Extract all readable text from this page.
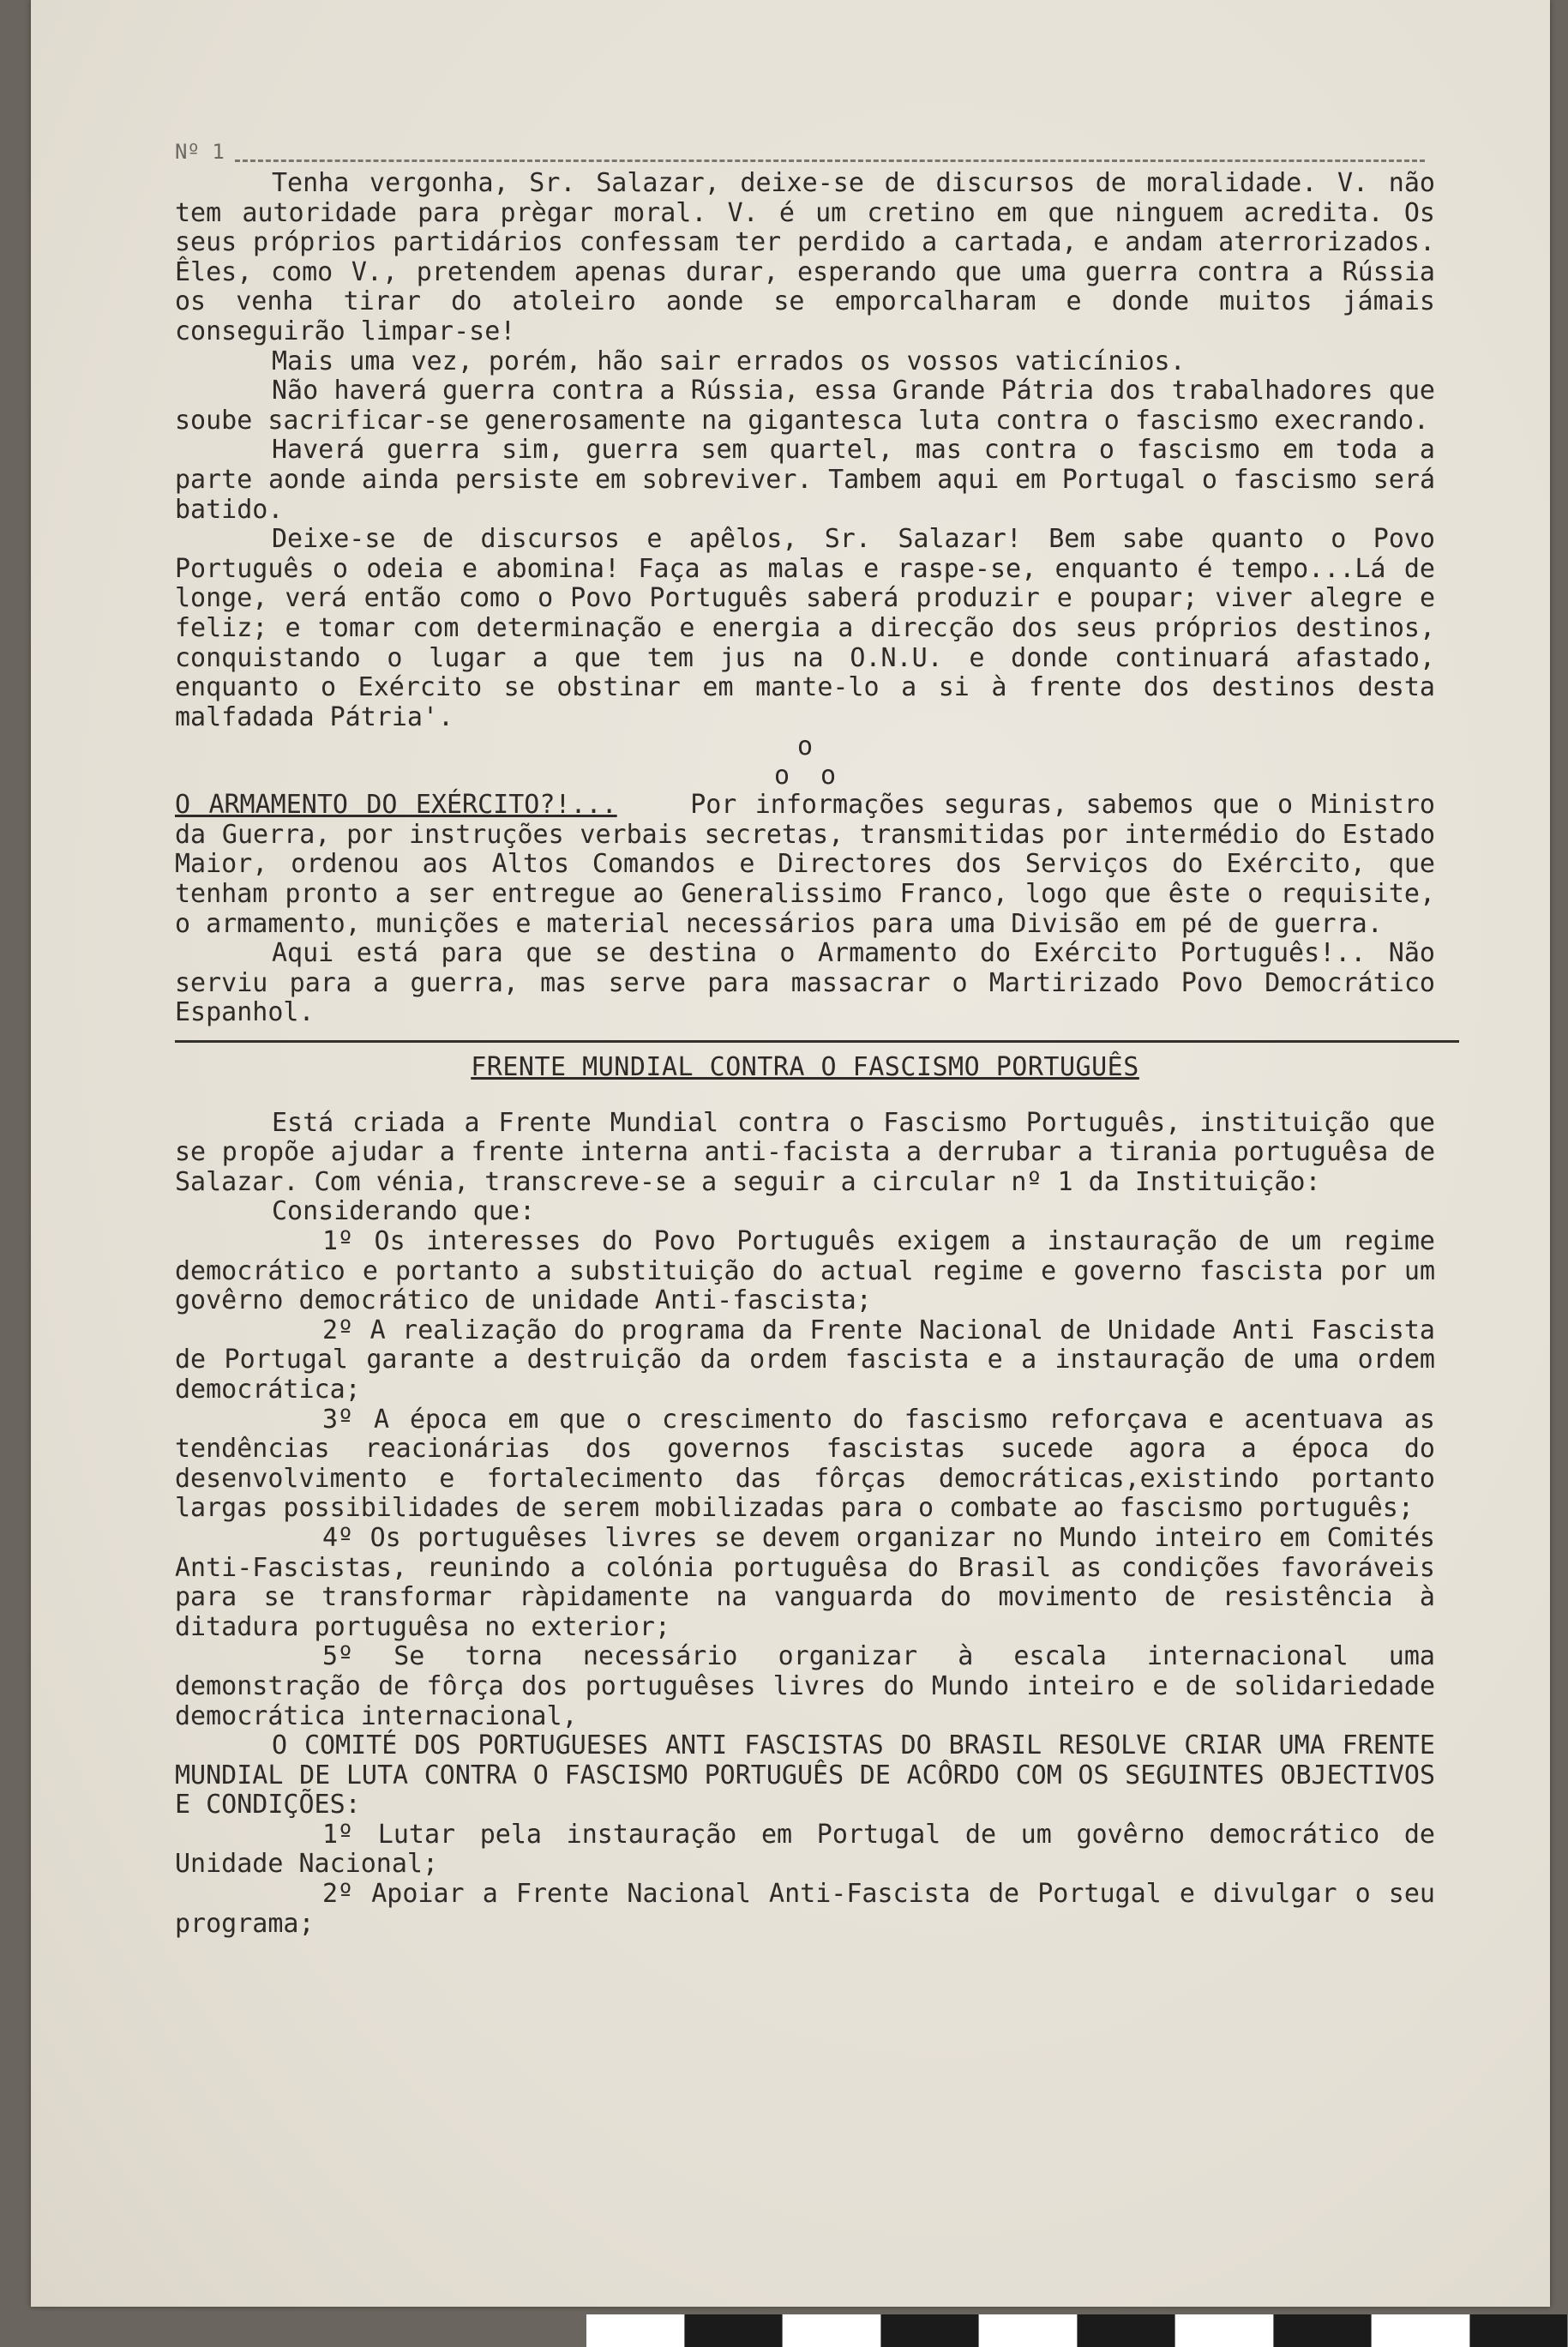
Nº 1

Tenha vergonha, Sr. Salazar, deixe-se de discursos de moralidade. V. não tem autoridade para prègar moral. V. é um cretino em que ninguem acredita. Os seus próprios partidários confessam ter perdido a cartada, e andam aterrorizados. Êles, como V., pretendem apenas durar, esperando que uma guerra contra a Rússia os venha tirar do atoleiro aonde se emporcalharam e donde muitos jámais conseguirão limpar-se!

Mais uma vez, porém, hão sair errados os vossos vaticínios.

Não haverá guerra contra a Rússia, essa Grande Pátria dos trabalhadores que soube sacrificar-se generosamente na gigantesca luta contra o fascismo execrando.

Haverá guerra sim, guerra sem quartel, mas contra o fascismo em toda a parte aonde ainda persiste em sobreviver. Tambem aqui em Portugal o fascismo será batido.

Deixe-se de discursos e apêlos, Sr. Salazar! Bem sabe quanto o Povo Português o odeia e abomina! Faça as malas e raspe-se, enquanto é tempo...Lá de longe, verá então como o Povo Português saberá produzir e poupar; viver alegre e feliz; e tomar com determinação e energia a direcção dos seus próprios destinos, conquistando o lugar a que tem jus na O.N.U. e donde continuará afastado, enquanto o Exército se obstinar em mante-lo a si à frente dos destinos desta malfadada Pátria'.

o
o o

O ARMAMENTO DO EXÉRCITO?!...	Por informações seguras, sabemos que o Ministro da Guerra, por instruções verbais secretas, transmitidas por intermédio do Estado Maior, ordenou aos Altos Comandos e Directores dos Serviços do Exército, que tenham pronto a ser entregue ao Generalissimo Franco, logo que êste o requisite, o armamento, munições e material necessários para uma Divisão em pé de guerra.

Aqui está para que se destina o Armamento do Exército Português!.. Não serviu para a guerra, mas serve para massacrar o Martirizado Povo Democrático Espanhol.

FRENTE MUNDIAL CONTRA O FASCISMO PORTUGUÊS

Está criada a Frente Mundial contra o Fascismo Português, instituição que se propõe ajudar a frente interna anti-facista a derrubar a tirania portuguêsa de Salazar. Com vénia, transcreve-se a seguir a circular nº 1 da Instituição:

Considerando que:

1º Os interesses do Povo Português exigem a instauração de um regime democrático e portanto a substituição do actual regime e governo fascista por um govêrno democrático de unidade Anti-fascista;

2º A realização do programa da Frente Nacional de Unidade Anti Fascista de Portugal garante a destruição da ordem fascista e a instauração de uma ordem democrática;

3º A época em que o crescimento do fascismo reforçava e acentuava as tendências reacionárias dos governos fascistas sucede agora a época do desenvolvimento e fortalecimento das fôrças democráticas,existindo portanto largas possibilidades de serem mobilizadas para o combate ao fascismo português;

4º Os portuguêses livres se devem organizar no Mundo inteiro em Comités Anti-Fascistas, reunindo a colónia portuguêsa do Brasil as condições favoráveis para se transformar ràpidamente na vanguarda do movimento de resistência à ditadura portuguêsa no exterior;

5º Se torna necessário organizar à escala internacional uma demonstração de fôrça dos portuguêses livres do Mundo inteiro e de solidariedade democrática internacional,

O COMITÉ DOS PORTUGUESES ANTI FASCISTAS DO BRASIL RESOLVE CRIAR UMA FRENTE MUNDIAL DE LUTA CONTRA O FASCISMO PORTUGUÊS DE ACÔRDO COM OS SEGUINTES OBJECTIVOS E CONDIÇÕES:

1º Lutar pela instauração em Portugal de um govêrno democrático de Unidade Nacional;

2º Apoiar a Frente Nacional Anti-Fascista de Portugal e divulgar o seu programa;
